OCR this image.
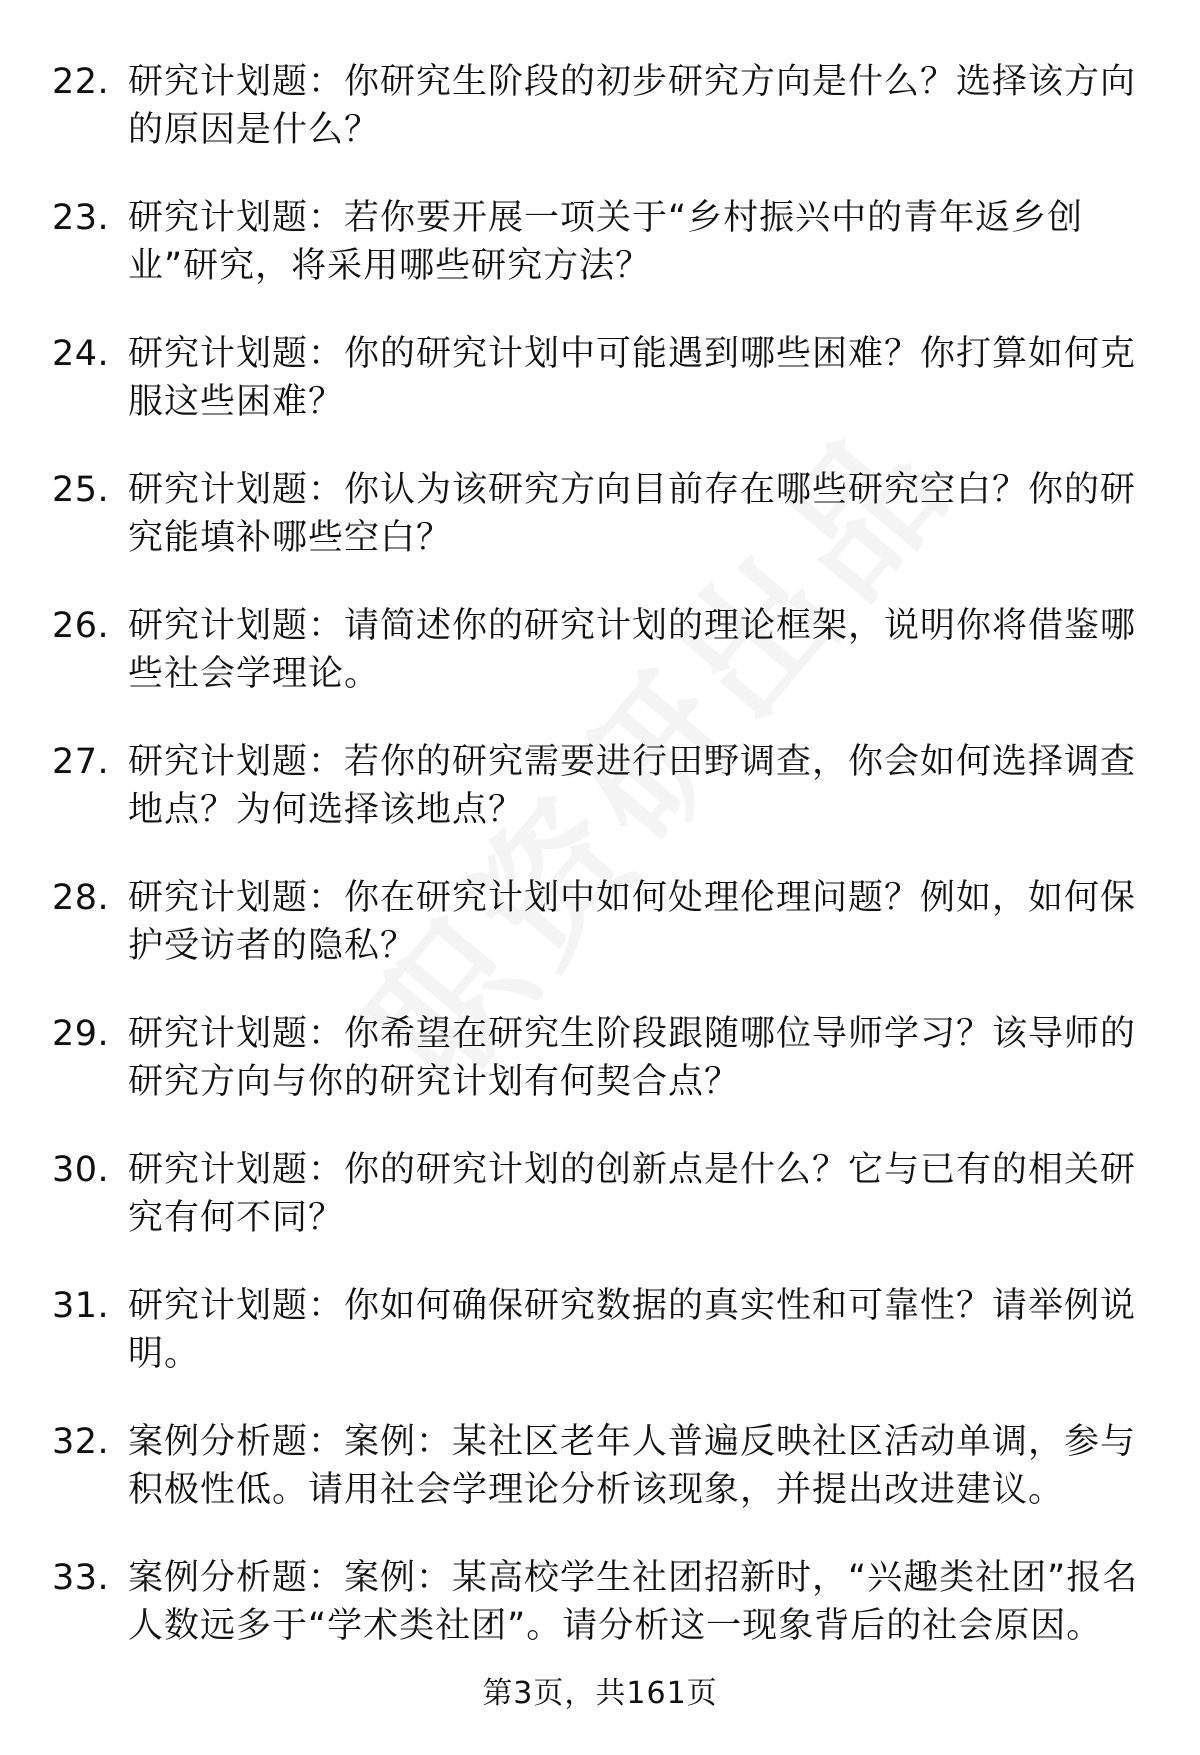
22. 研究计划题：你研究生阶段的初步研究方向是什么？选择该方向的原因是什么？
23. 研究计划题：若你要开展一项关于“乡村振兴中的青年返乡创业”研究，将采用哪些研究方法？
24. 研究计划题：你的研究计划中可能遇到哪些困难？你打算如何克服这些困难？
25. 研究计划题：你认为该研究方向目前存在哪些研究空白？你的研究能填补哪些空白？
26. 研究计划题：请简述你的研究计划的理论框架，说明你将借鉴哪些社会学理论。
27. 研究计划题：若你的研究需要进行田野调查，你会如何选择调查地点？为何选择该地点？
28. 研究计划题：你在研究计划中如何处理伦理问题？例如，如何保护受访者的隐私？
29. 研究计划题：你希望在研究生阶段跟随哪位导师学习？该导师的研究方向与你的研究计划有何契合点？
30. 研究计划题：你的研究计划的创新点是什么？它与已有的相关研究有何不同？
31. 研究计划题：你如何确保研究数据的真实性和可靠性？请举例说明。
32. 案例分析题：案例：某社区老年人普遍反映社区活动单调，参与积极性低。请用社会学理论分析该现象，并提出改进建议。
33. 案例分析题：案例：某高校学生社团招新时，“兴趣类社团”报名人数远多于“学术类社团”。请分析这一现象背后的社会原因。
第3页，共161页
